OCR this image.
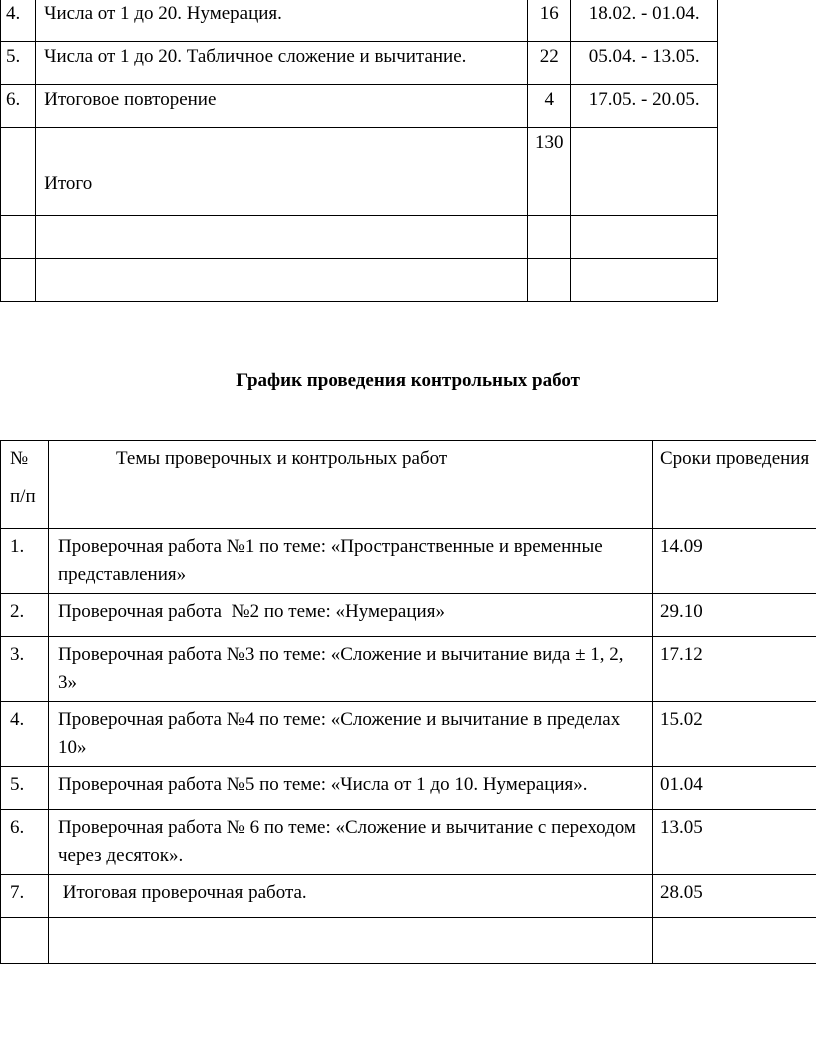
4.	Числа от 1 до 20. Нумерация.	16	18.02. - 01.04.
5.	Числа от 1 до 20. Табличное сложение и вычитание.	22	05.04. - 13.05.
6.	Итоговое повторение	4	17.05. - 20.05.

	Итого	130	

График проведения контрольных работ
№
п/п	Темы проверочных и контрольных работ	Сроки проведения
1.	Проверочная работа №1 по теме: «Пространственные и временные представления»	14.09
2.	Проверочная работа  №2 по теме: «Нумерация»	29.10
3.	Проверочная работа №3 по теме: «Сложение и вычитание вида ± 1, 2, 3»	17.12
4.	Проверочная работа №4 по теме: «Сложение и вычитание в пределах 10»	15.02
5.	Проверочная работа №5 по теме: «Числа от 1 до 10. Нумерация».	01.04
6.	Проверочная работа № 6 по теме: «Сложение и вычитание с переходом через десяток».	13.05
7.	Итоговая проверочная работа.	28.05
